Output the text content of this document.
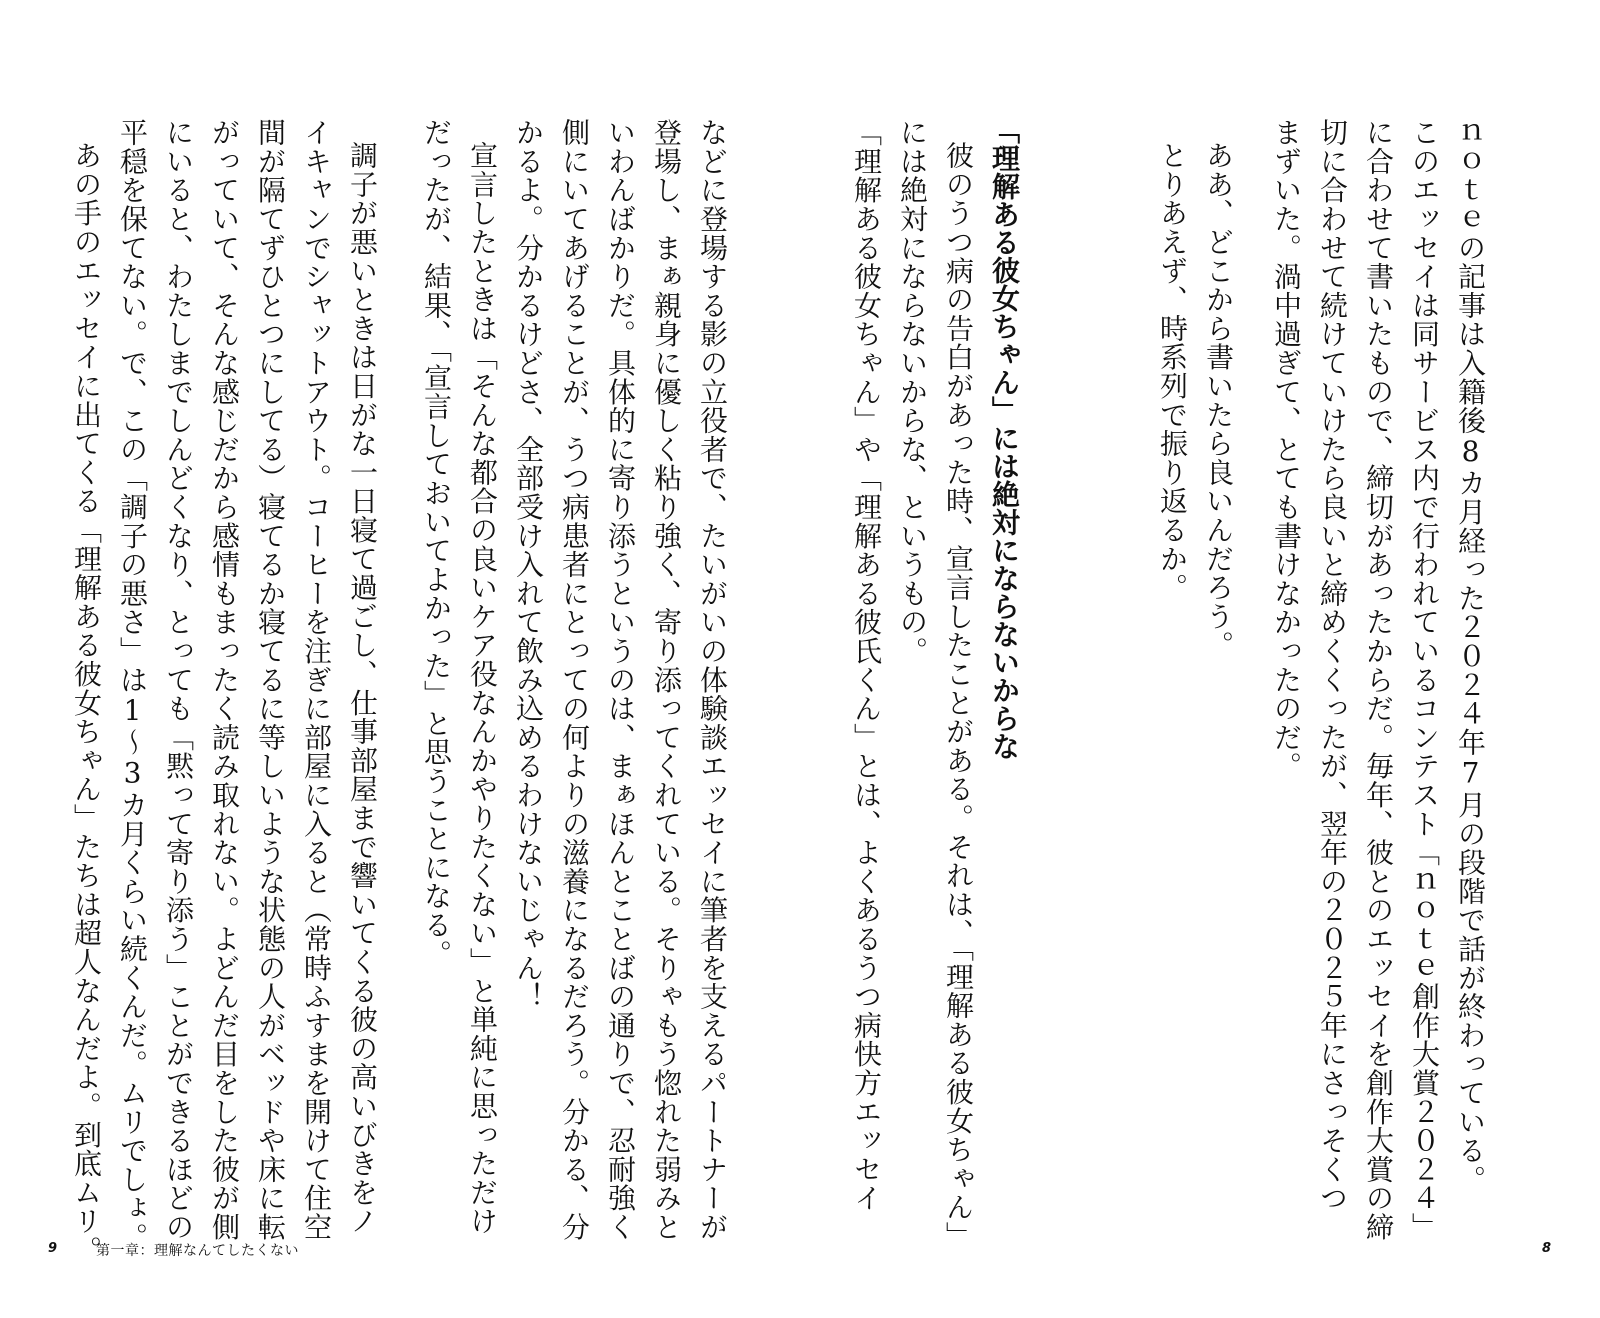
ｎｏｔｅの記事は入籍後8カ月経った２０２４年7月の段階で話が終わっている。
このエッセイは同サービス内で行われているコンテスト「ｎｏｔｅ創作大賞２０２４」
に合わせて書いたもので、締切があったからだ。毎年、彼とのエッセイを創作大賞の締
切に合わせて続けていけたら良いと締めくくったが、翌年の２０２５年にさっそくつ
まずいた。渦中過ぎて、とても書けなかったのだ。
ああ、どこから書いたら良いんだろう。
とりあえず、時系列で振り返るか。
「理解ある彼女ちゃん」には絶対にならないからな
彼のうつ病の告白があった時、宣言したことがある。それは、「理解ある彼女ちゃん」
には絶対にならないからな、というもの。
「理解ある彼女ちゃん」や「理解ある彼氏くん」とは、よくあるうつ病快方エッセイ
などに登場する影の立役者で、たいがいの体験談エッセイに筆者を支えるパートナーが
登場し、まぁ親身に優しく粘り強く、寄り添ってくれている。そりゃもう惚れた弱みと
いわんばかりだ。具体的に寄り添うというのは、まぁほんとことばの通りで、忍耐強く
側にいてあげることが、うつ病患者にとっての何よりの滋養になるだろう。分かる、分
かるよ。分かるけどさ、全部受け入れて飲み込めるわけないじゃん！
宣言したときは「そんな都合の良いケア役なんかやりたくない」と単純に思っただけ
だったが、結果、「宣言しておいてよかった」と思うことになる。
調子が悪いときは日がな一日寝て過ごし、仕事部屋まで響いてくる彼の高いびきをノ
イキャンでシャットアウト。コーヒーを注ぎに部屋に入ると（常時ふすまを開けて住空
間が隔てずひとつにしてる）寝てるか寝てるに等しいような状態の人がベッドや床に転
がっていて、そんな感じだから感情もまったく読み取れない。よどんだ目をした彼が側
にいると、わたしまでしんどくなり、とっても「黙って寄り添う」ことができるほどの
平穏を保てない。で、この「調子の悪さ」は1～3カ月くらい続くんだ。ムリでしょ。
あの手のエッセイに出てくる「理解ある彼女ちゃん」たちは超人なんだよ。到底ムリ。
9	第一章：理解なんてしたくない	8
